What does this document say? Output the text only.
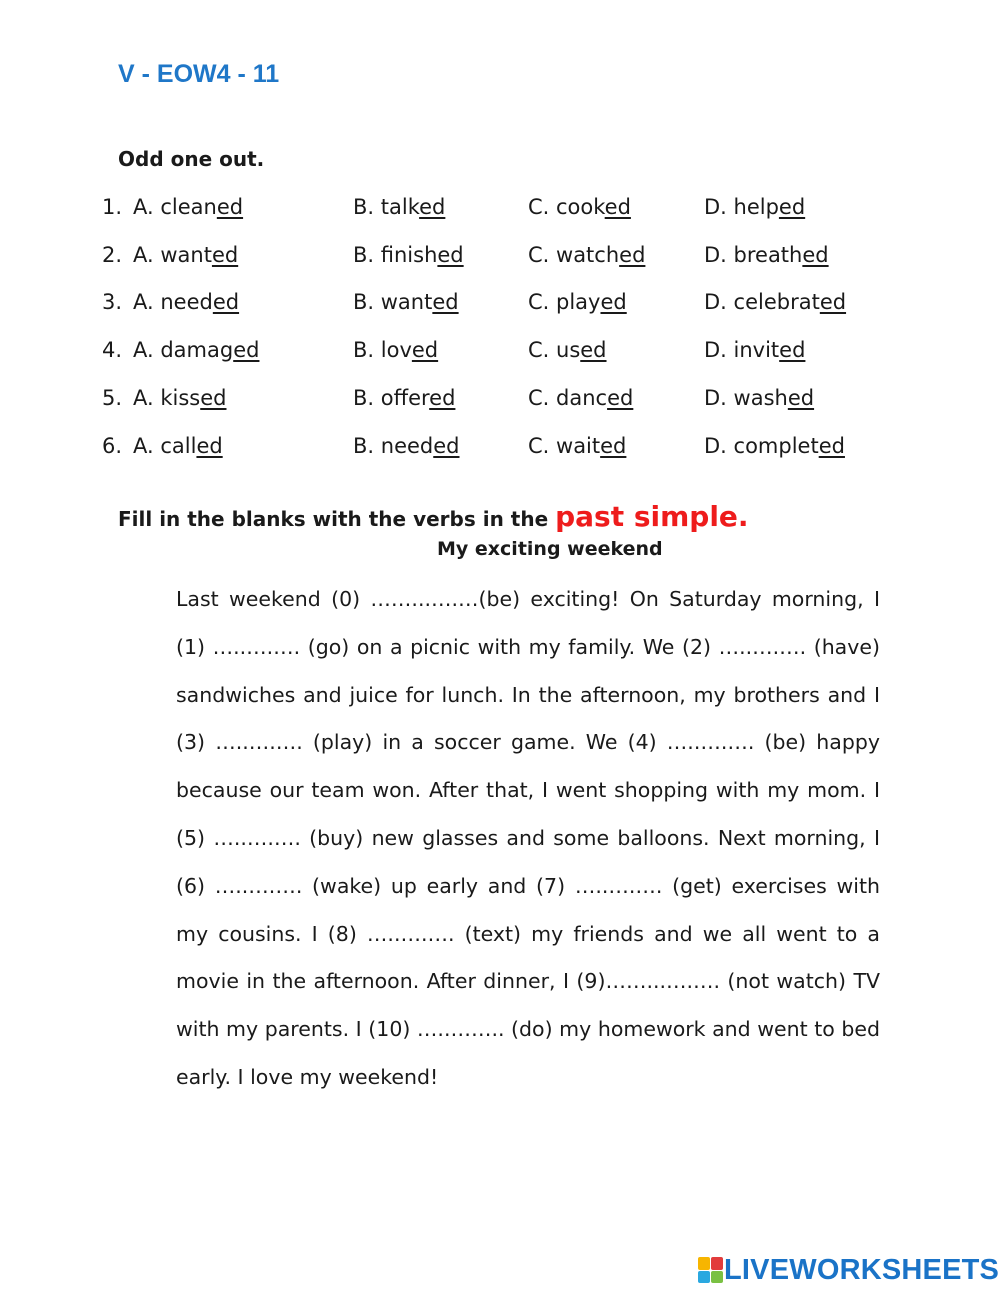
V - EOW4 - 11
Odd one out.
1. A. cleaned	B. talked	C. cooked	D. helped
2. A. wanted	B. finished	C. watched	D. breathed
3. A. needed	B. wanted	C. played	D. celebrated
4. A. damaged	B. loved	C. used	D. invited
5. A. kissed	B. offered	C. danced	D. washed
6. A. called	B. needed	C. waited	D. completed
Fill in the blanks with the verbs in the past simple.
My exciting weekend

Last weekend (0) ……...….…(be) exciting! On Saturday morning, I (1) …..….…. (go) on a picnic with my family. We (2) …..….…. (have) sandwiches and juice for lunch. In the afternoon, my brothers and I (3) …..….…. (play) in a soccer game. We (4) …..….…. (be) happy because our team won. After that, I went shopping with my mom. I (5) …..….…. (buy) new glasses and some balloons. Next morning, I (6) …..….…. (wake) up early and (7) …..….…. (get) exercises with my cousins. I (8) …..….…. (text) my friends and we all went to a movie in the afternoon. After dinner, I (9)……...….…. (not watch) TV with my parents. I (10) …..…….. (do) my homework and went to bed early. I love my weekend!

LIVEWORKSHEETS
